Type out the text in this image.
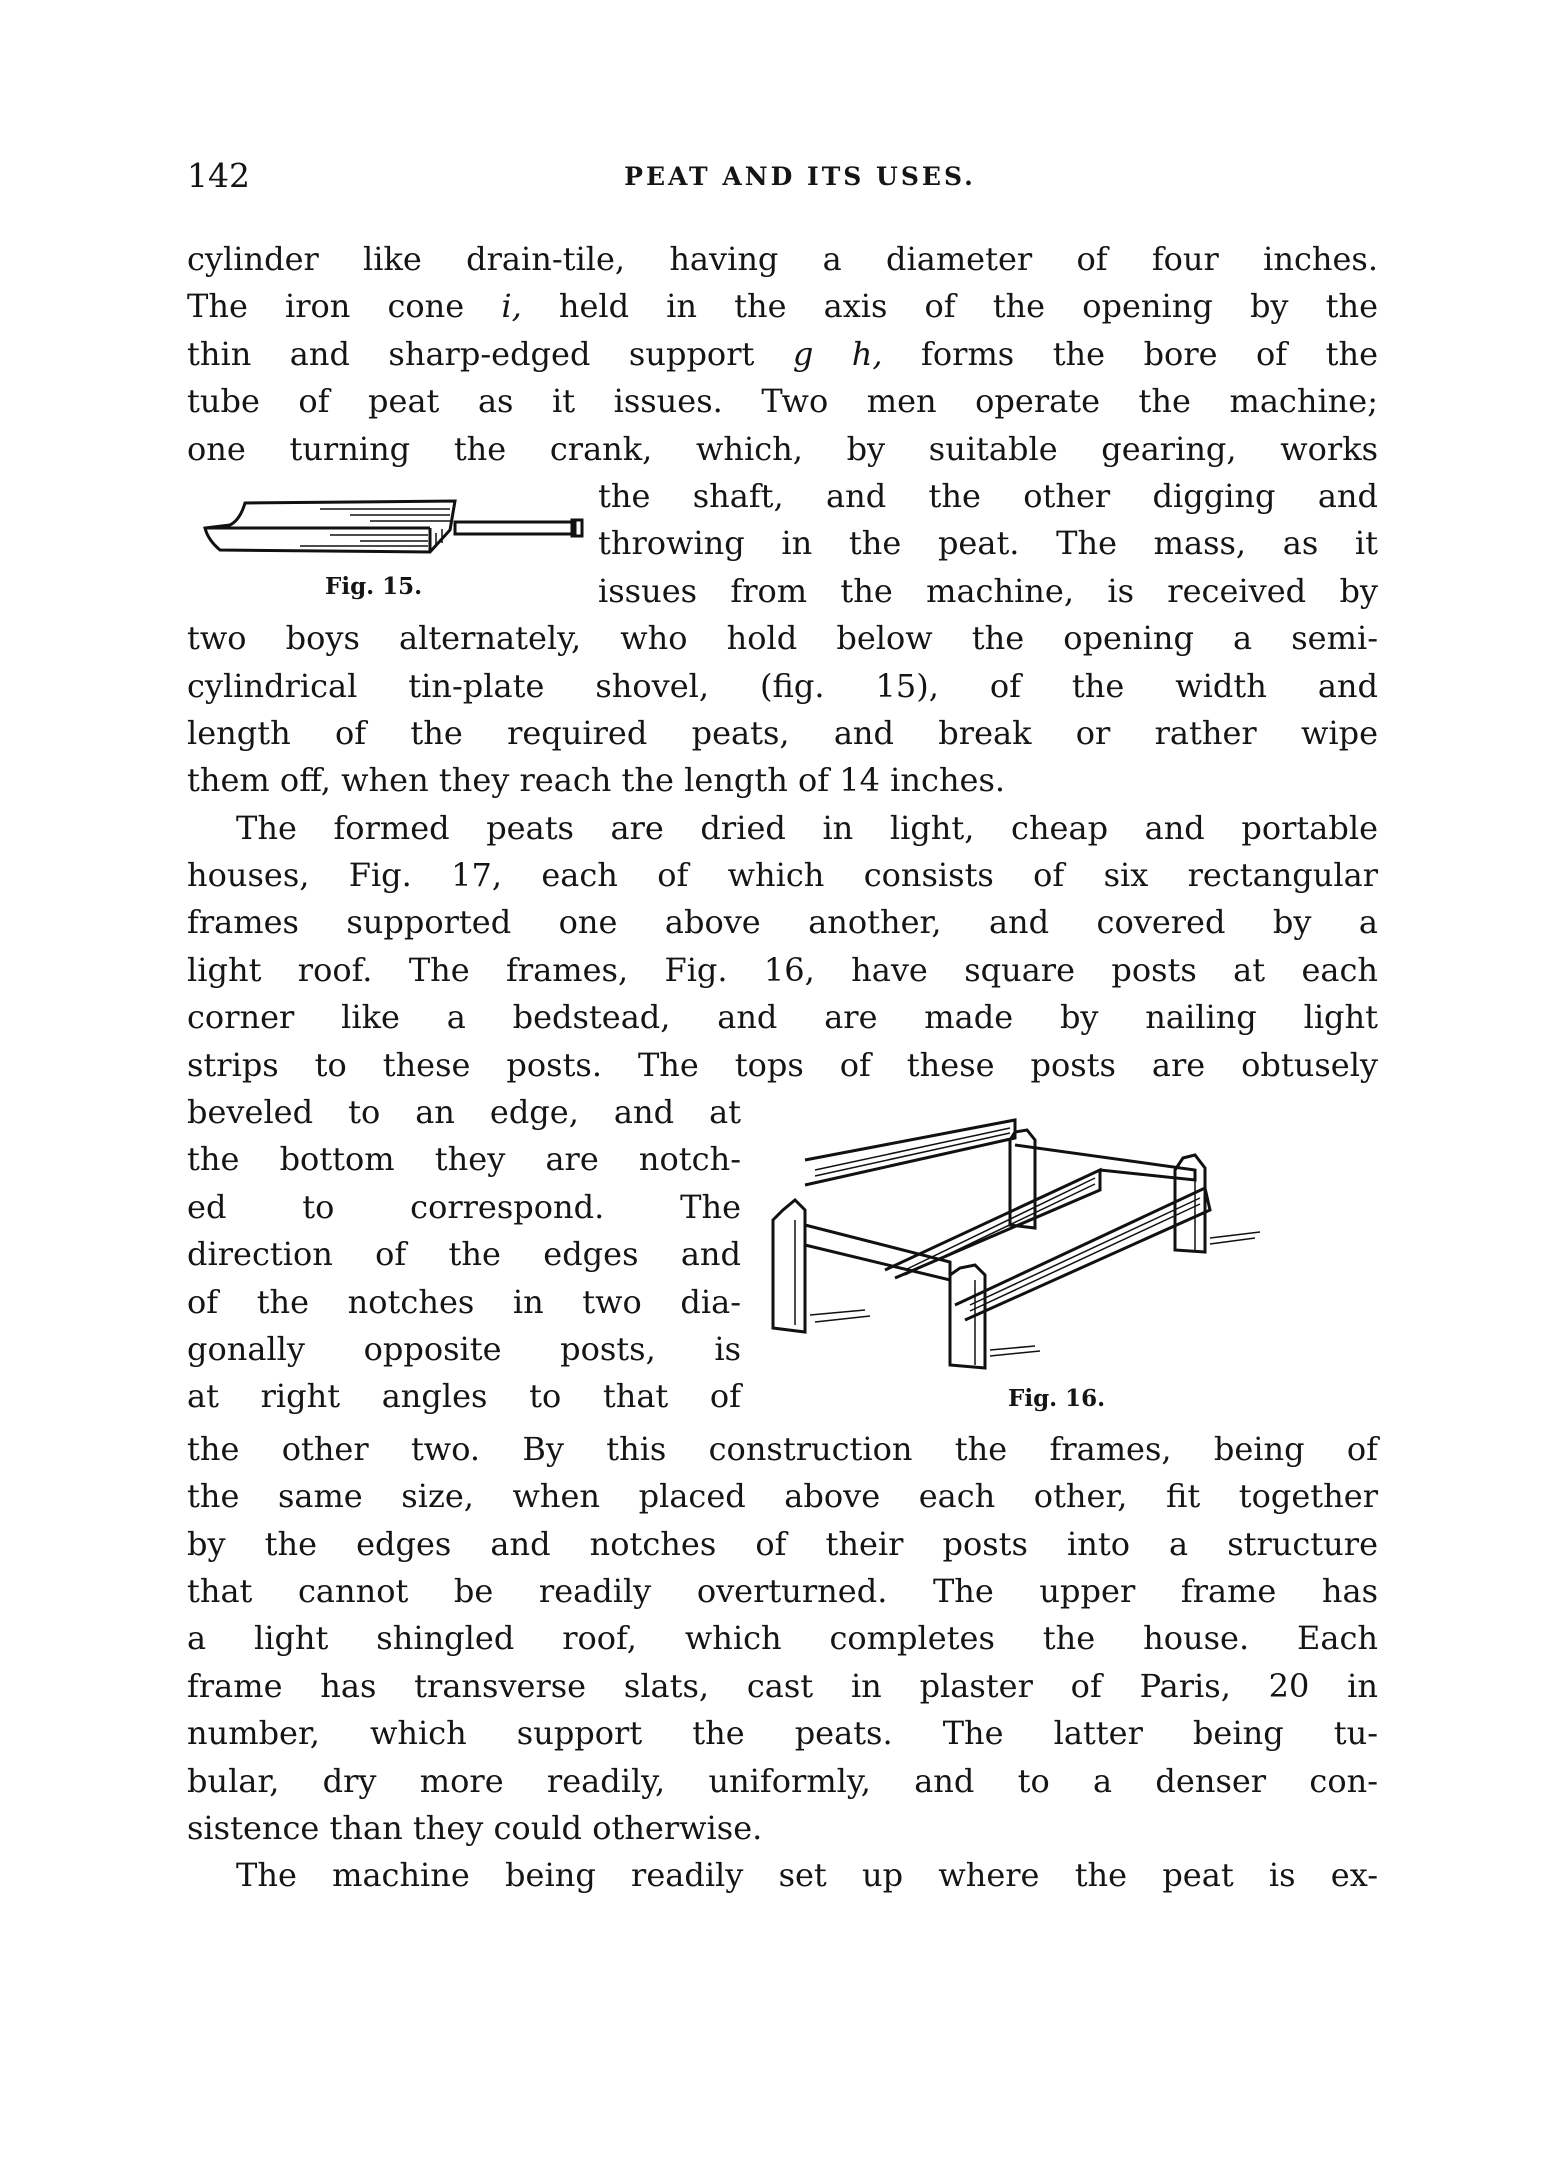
142	PEAT AND ITS USES.
cylinder like drain-tile, having a diameter of four inches.
The iron cone i, held in the axis of the opening by the
thin and sharp-edged support g h, forms the bore of the
tube of peat as it issues. Two men operate the machine;
one turning the crank, which, by suitable gearing, works
the shaft, and the other digging and
throwing in the peat. The mass, as it
issues from the machine, is received by
two boys alternately, who hold below the opening a semi-
cylindrical tin-plate shovel, (fig. 15), of the width and
length of the required peats, and break or rather wipe
them off, when they reach the length of 14 inches.
The formed peats are dried in light, cheap and portable
houses, Fig. 17, each of which consists of six rectangular
frames supported one above another, and covered by a
light roof. The frames, Fig. 16, have square posts at each
corner like a bedstead, and are made by nailing light
strips to these posts. The tops of these posts are obtusely
beveled to an edge, and at
the bottom they are notch-
ed to correspond. The
direction of the edges and
of the notches in two dia-
gonally opposite posts, is
at right angles to that of
the other two. By this construction the frames, being of
the same size, when placed above each other, fit together
by the edges and notches of their posts into a structure
that cannot be readily overturned. The upper frame has
a light shingled roof, which completes the house. Each
frame has transverse slats, cast in plaster of Paris, 20 in
number, which support the peats. The latter being tu-
bular, dry more readily, uniformly, and to a denser con-
sistence than they could otherwise.
The machine being readily set up where the peat is ex-
Fig. 15.
Fig. 16.
